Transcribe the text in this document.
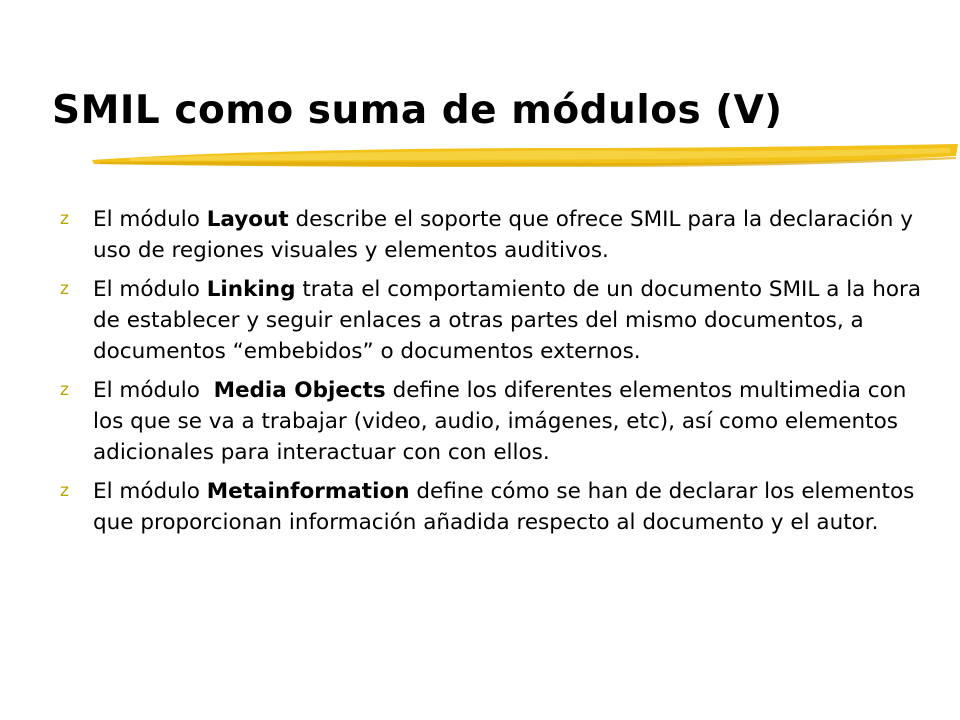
SMIL como suma de módulos (V)
z El módulo Layout describe el soporte que ofrece SMIL para la declaración y uso de regiones visuales y elementos auditivos.
z El módulo Linking trata el comportamiento de un documento SMIL a la hora de establecer y seguir enlaces a otras partes del mismo documentos, a documentos “embebidos” o documentos externos.
z El módulo  Media Objects define los diferentes elementos multimedia con los que se va a trabajar (video, audio, imágenes, etc), así como elementos adicionales para interactuar con con ellos.
z El módulo Metainformation define cómo se han de declarar los elementos que proporcionan información añadida respecto al documento y el autor.
